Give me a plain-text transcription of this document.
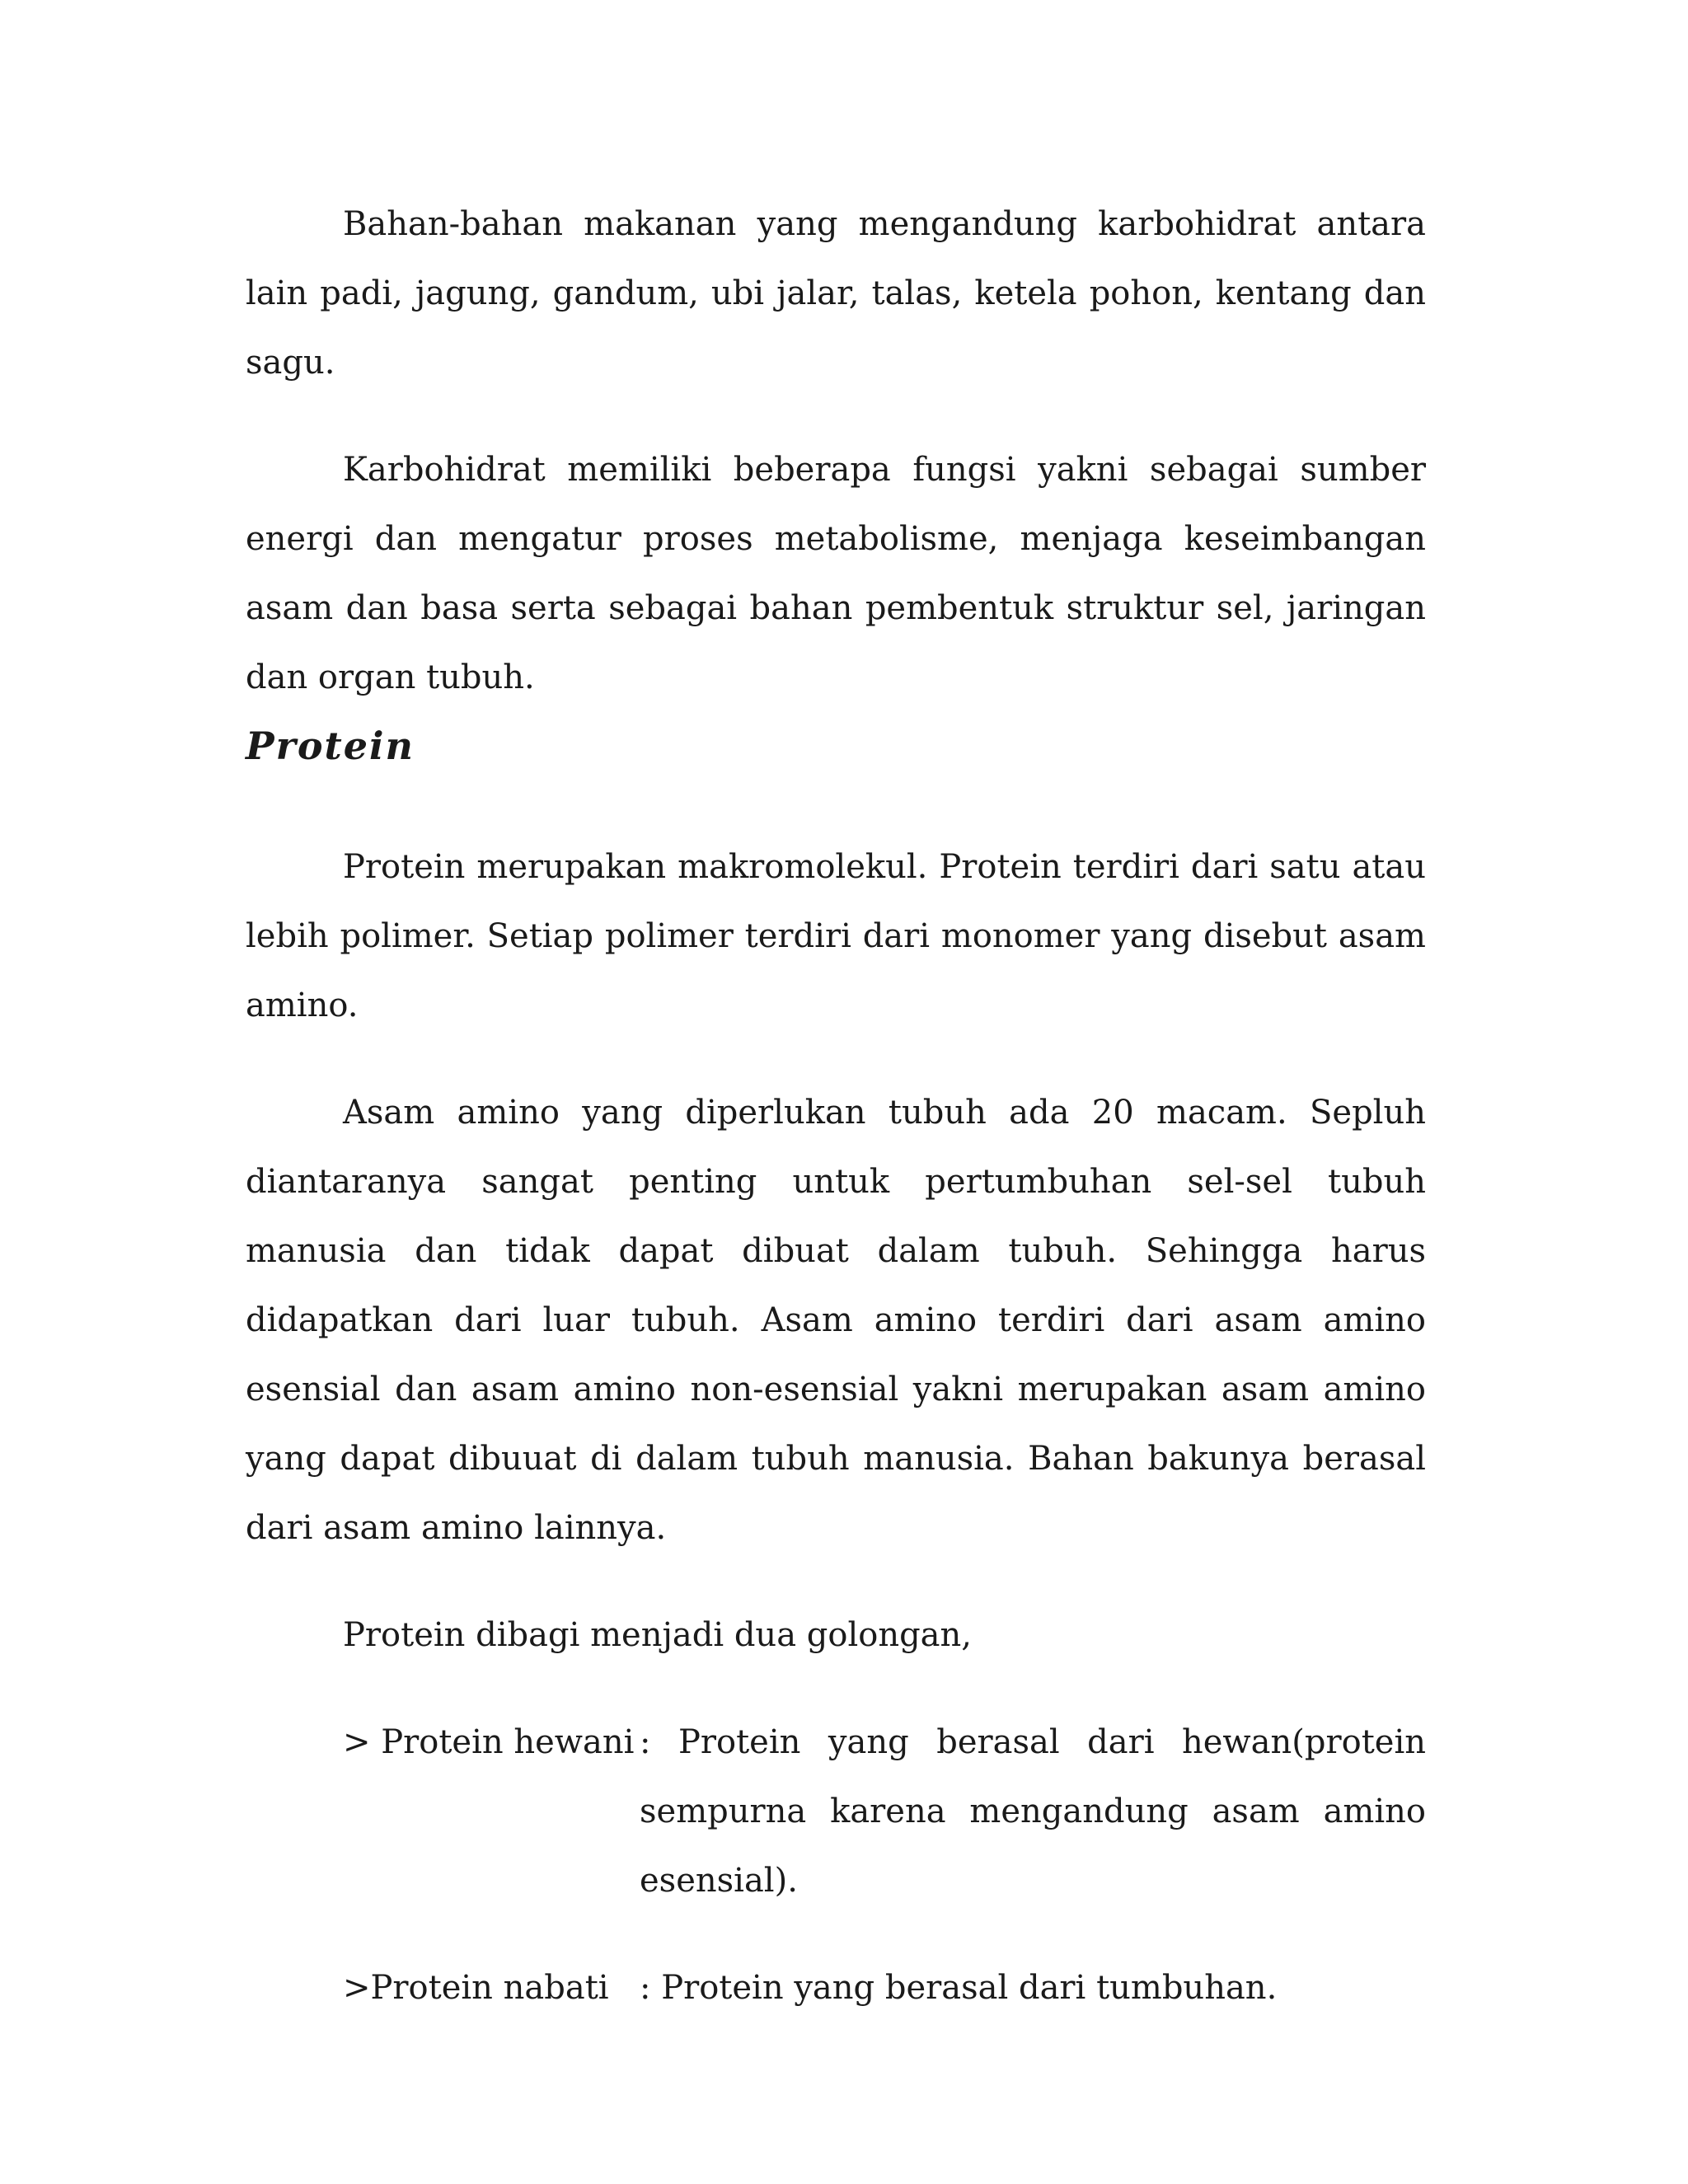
Bahan-bahan makanan yang mengandung karbohidrat antara lain padi, jagung, gandum, ubi jalar, talas, ketela pohon, kentang dan sagu.

Karbohidrat memiliki beberapa fungsi yakni sebagai sumber energi dan mengatur proses metabolisme, menjaga keseimbangan asam dan basa serta sebagai bahan pembentuk struktur sel, jaringan dan organ tubuh.

Protein

Protein merupakan makromolekul. Protein terdiri dari satu atau lebih polimer. Setiap polimer terdiri dari monomer yang disebut asam amino.

Asam amino yang diperlukan tubuh ada 20 macam. Sepluh diantaranya sangat penting untuk pertumbuhan sel-sel tubuh manusia dan tidak dapat dibuat dalam tubuh. Sehingga harus didapatkan dari luar tubuh. Asam amino terdiri dari asam amino esensial dan asam amino non-esensial yakni merupakan asam amino yang dapat dibuuat di dalam tubuh manusia. Bahan bakunya berasal dari asam amino lainnya.

Protein dibagi menjadi dua golongan,

> Protein hewani : Protein yang berasal dari hewan(protein sempurna karena mengandung asam amino esensial).
>Protein nabati : Protein yang berasal dari tumbuhan.
